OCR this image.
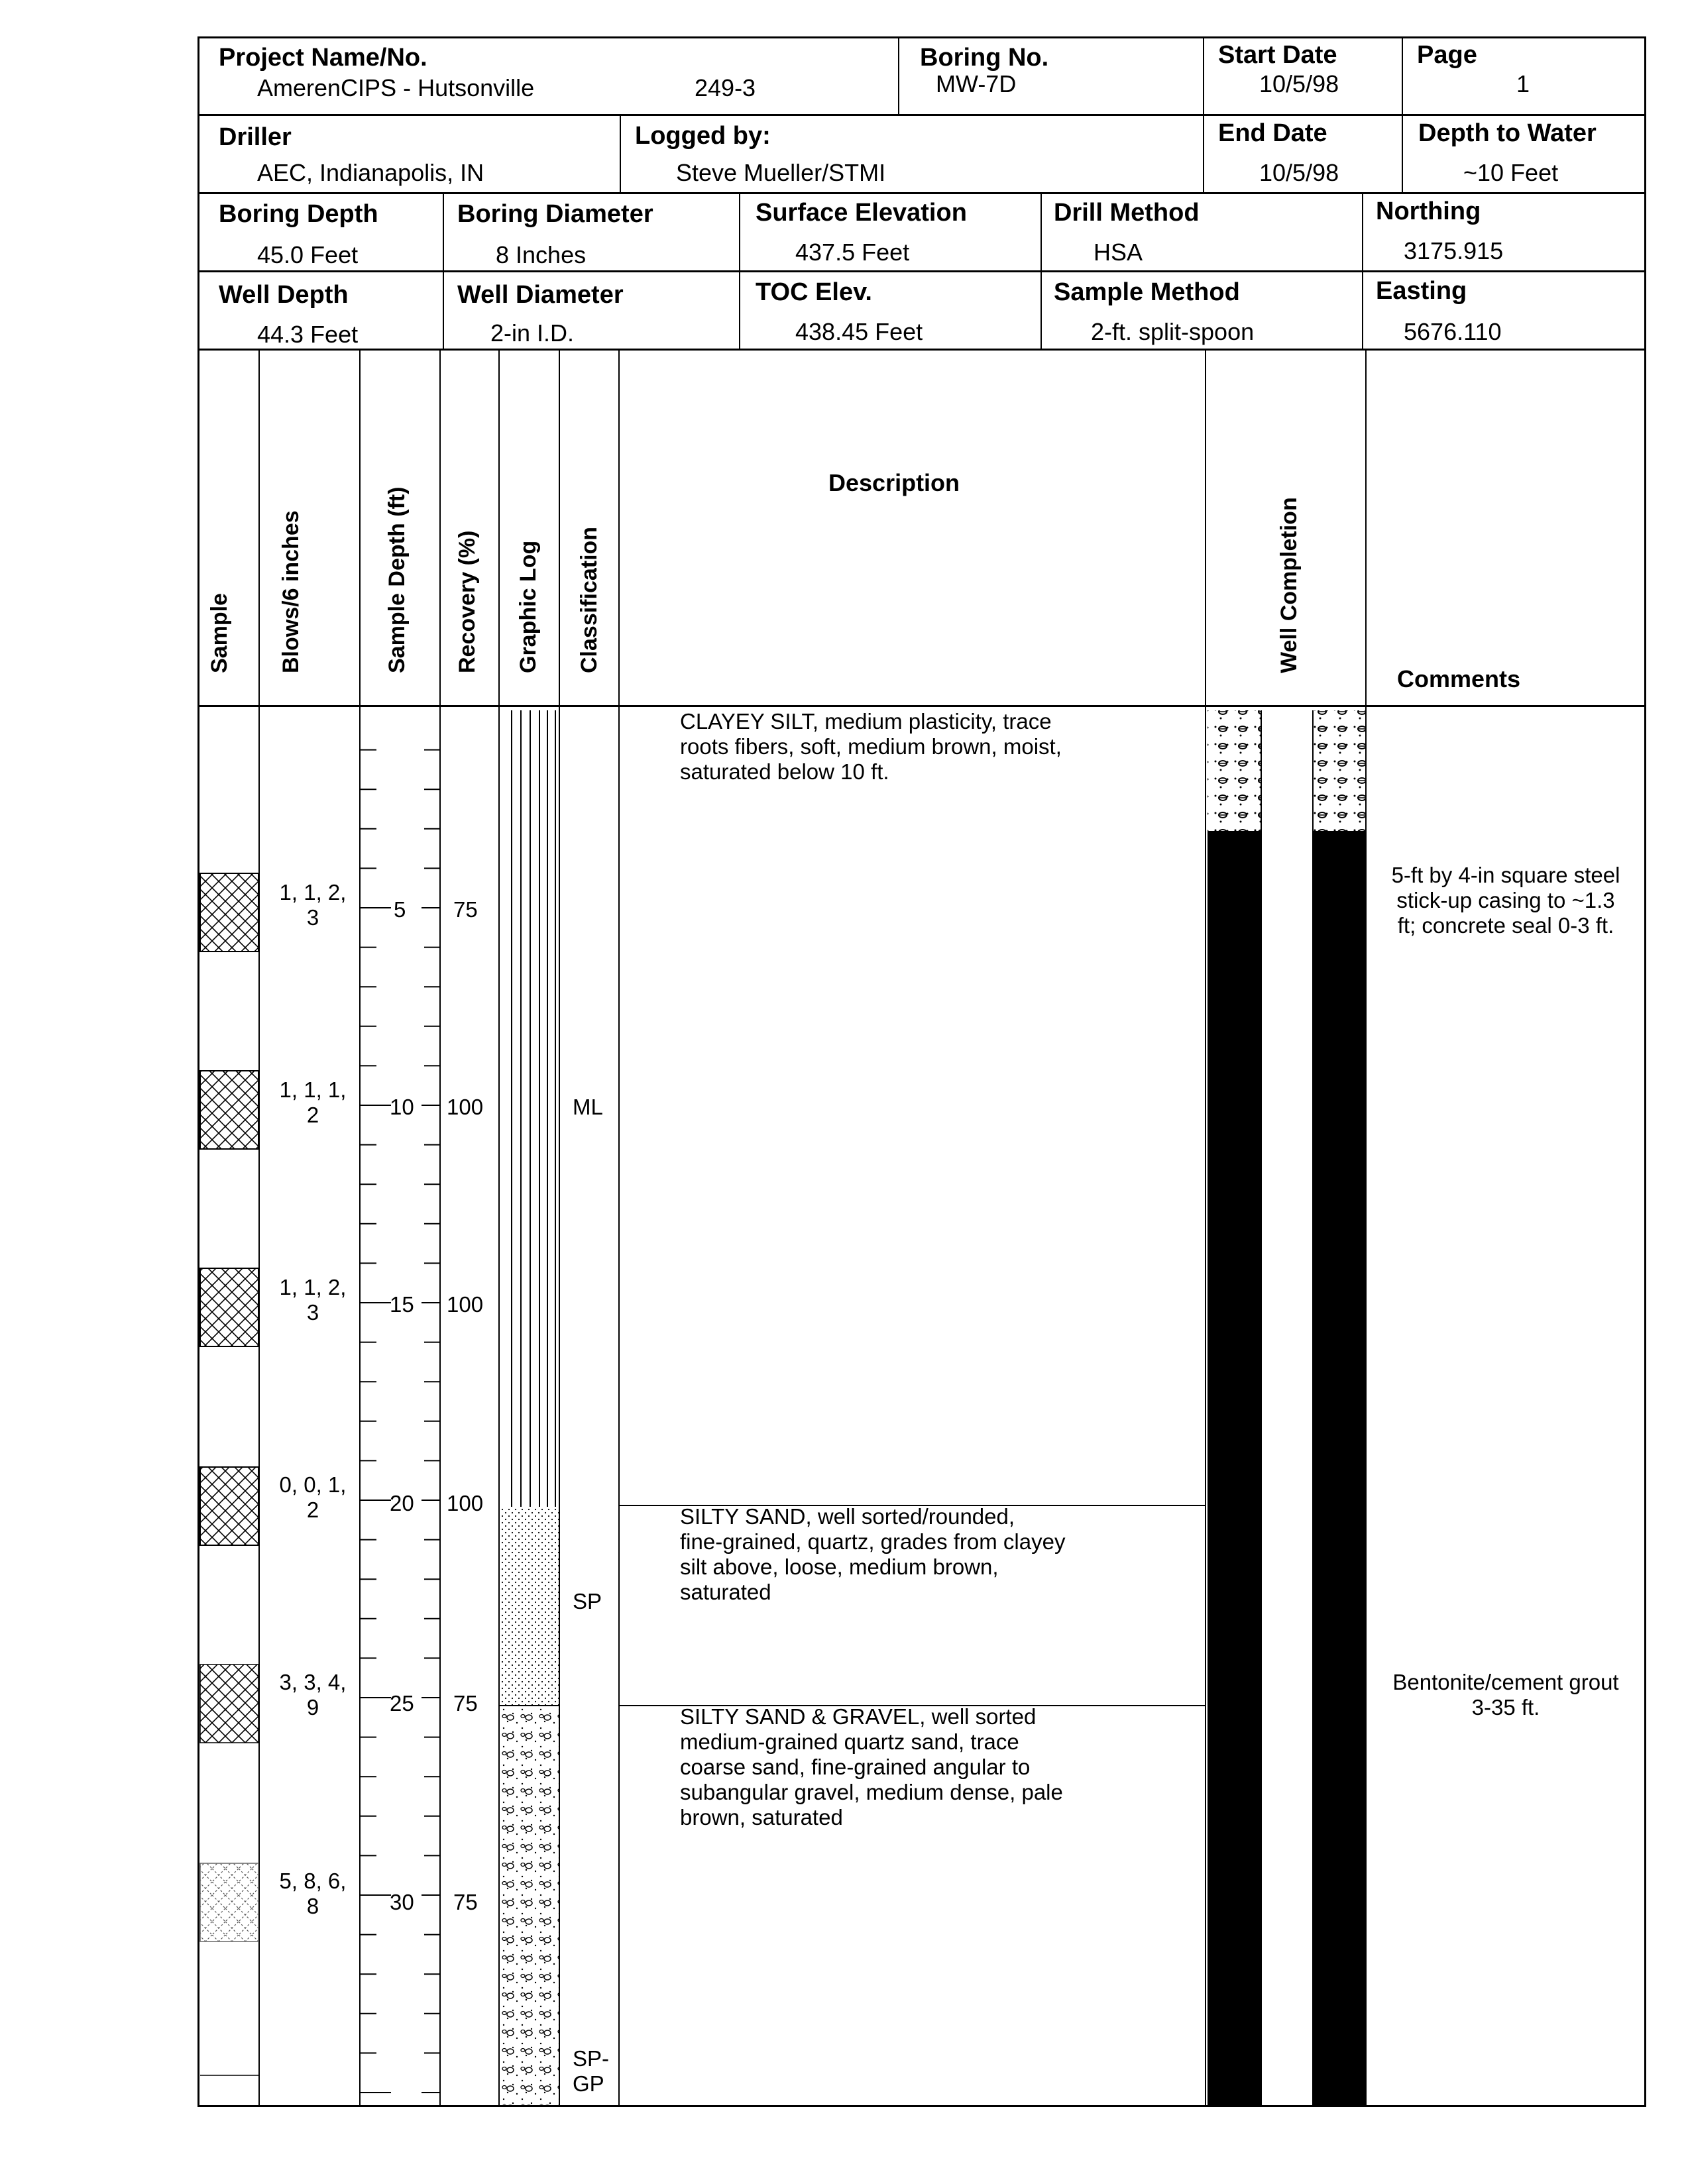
Project Name/No.
AmerenCIPS - Hutsonville	249-3
Boring No.
MW-7D
Start Date
10/5/98
Page
1
Driller
AEC, Indianapolis, IN
Logged by:
Steve Mueller/STMI
End Date
10/5/98
Depth to Water
~10 Feet
Boring Depth
45.0 Feet
Boring Diameter
8 Inches
Surface Elevation
437.5 Feet
Drill Method
HSA
Northing
3175.915
Well Depth
44.3 Feet
Well Diameter
2-in I.D.
TOC Elev.
438.45 Feet
Sample Method
2-ft. split-spoon
Easting
5676.110
Sample Blows/6 inches	Sample Depth (ft) Recovery (%) Graphic Log Classification
Description
Well Completion
Comments
5
10
15
20
25
30
1, 1, 2,
3
1, 1, 1,
2
1, 1, 2,
3
0, 0, 1,
2
3, 3, 4,
9
5, 8, 6,
8
75
100
100
100
75
75
ML
SP
SP-
GP
CLAYEY SILT, medium plasticity, trace
roots fibers, soft, medium brown, moist,
saturated below 10 ft.
SILTY SAND, well sorted/rounded,
fine-grained, quartz, grades from clayey
silt above, loose, medium brown,
saturated
SILTY SAND & GRAVEL, well sorted
medium-grained quartz sand, trace
coarse sand, fine-grained angular to
subangular gravel, medium dense, pale
brown, saturated
5-ft by 4-in square steel
stick-up casing to ~1.3
ft; concrete seal 0-3 ft.
Bentonite/cement grout
3-35 ft.
